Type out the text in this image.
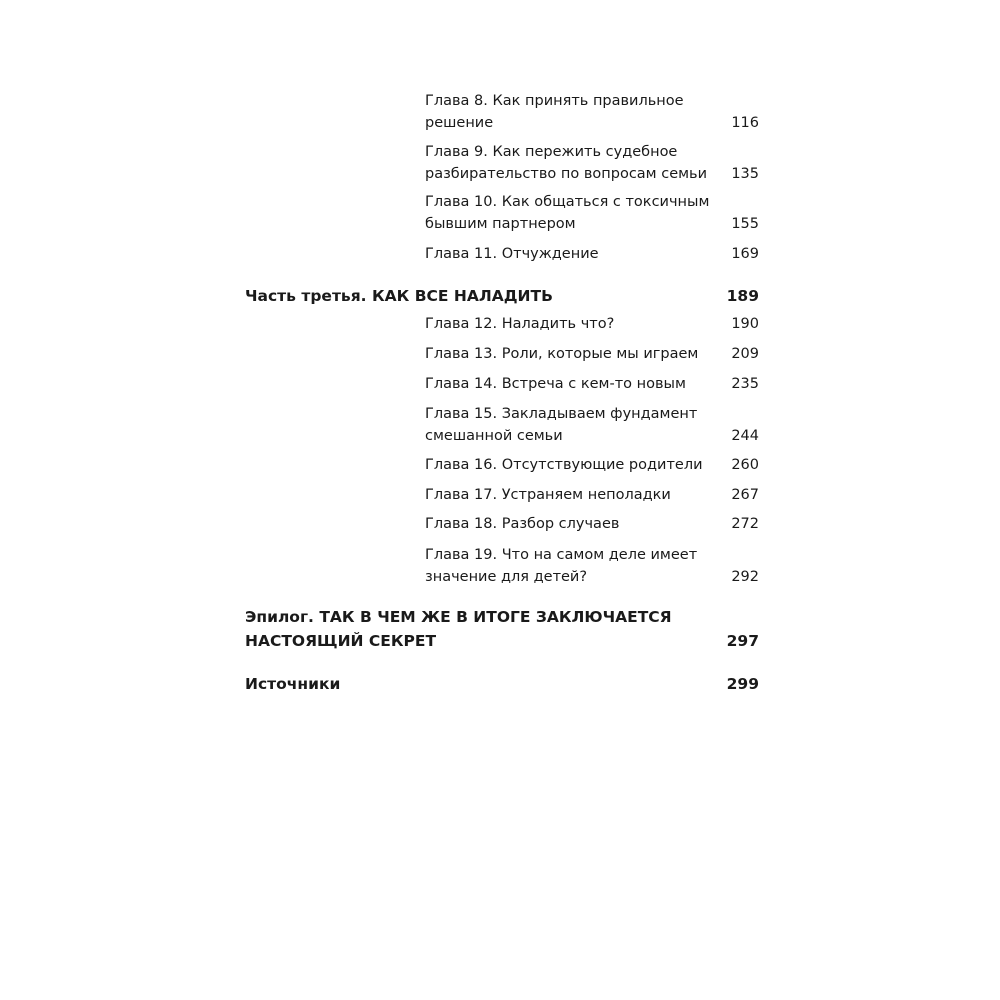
Глава 8. Как принять правильное
решение	116
Глава 9. Как пережить судебное
разбирательство по вопросам семьи	135
Глава 10. Как общаться с токсичным
бывшим партнером	155
Глава 11. Отчуждение	169
Часть третья. КАК ВСЕ НАЛАДИТЬ	189
Глава 12. Наладить что?	190
Глава 13. Роли, которые мы играем	209
Глава 14. Встреча с кем-то новым	235
Глава 15. Закладываем фундамент
смешанной семьи	244
Глава 16. Отсутствующие родители	260
Глава 17. Устраняем неполадки	267
Глава 18. Разбор случаев	272
Глава 19. Что на самом деле имеет
значение для детей?	292
Эпилог. ТАК В ЧЕМ ЖЕ В ИТОГЕ ЗАКЛЮЧАЕТСЯ
НАСТОЯЩИЙ СЕКРЕТ	297
Источники	299
